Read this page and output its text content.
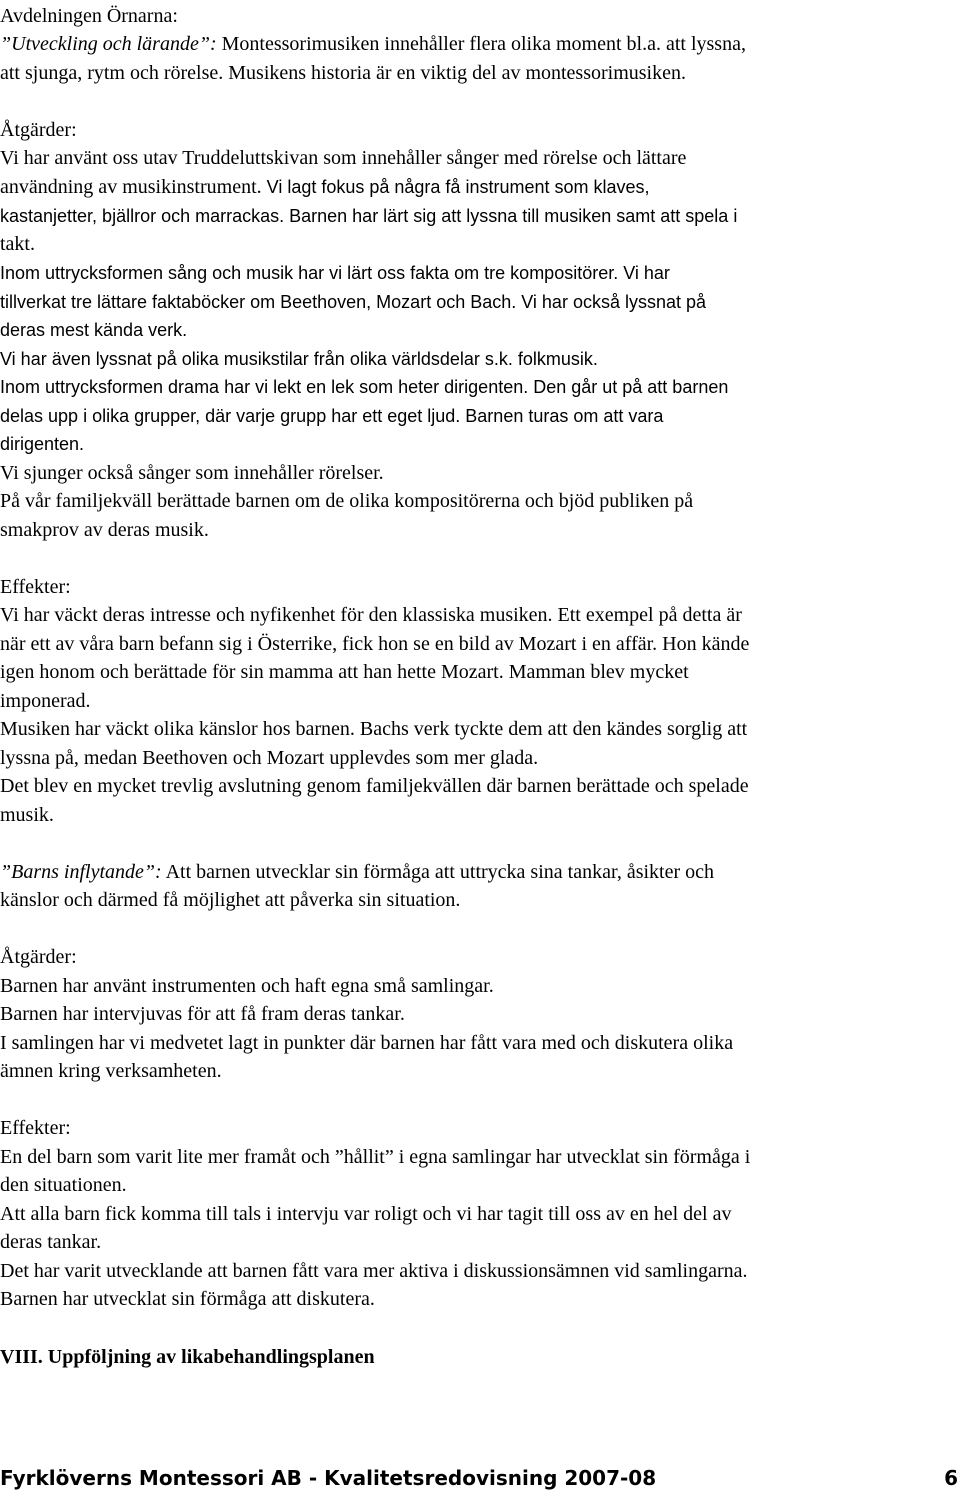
Avdelningen Örnarna:

”Utveckling och lärande”: Montessorimusiken innehåller flera olika moment bl.a. att lyssna,

att sjunga, rytm och rörelse. Musikens historia är en viktig del av montessorimusiken.

Åtgärder:

Vi har använt oss utav Truddeluttskivan som innehåller sånger med rörelse och lättare

användning av musikinstrument. Vi lagt fokus på några få instrument som klaves,

kastanjetter, bjällror och marrackas. Barnen har lärt sig att lyssna till musiken samt att spela i

takt.

Inom uttrycksformen sång och musik har vi lärt oss fakta om tre kompositörer. Vi har

tillverkat tre lättare faktaböcker om Beethoven, Mozart och Bach. Vi har också lyssnat på

deras mest kända verk.

Vi har även lyssnat på olika musikstilar från olika världsdelar s.k. folkmusik.

Inom uttrycksformen drama har vi lekt en lek som heter dirigenten. Den går ut på att barnen

delas upp i olika grupper, där varje grupp har ett eget ljud. Barnen turas om att vara

dirigenten.

Vi sjunger också sånger som innehåller rörelser.

På vår familjekväll berättade barnen om de olika kompositörerna och bjöd publiken på

smakprov av deras musik.

Effekter:

Vi har väckt deras intresse och nyfikenhet för den klassiska musiken. Ett exempel på detta är

när ett av våra barn befann sig i Österrike, fick hon se en bild av Mozart i en affär. Hon kände

igen honom och berättade för sin mamma att han hette Mozart. Mamman blev mycket

imponerad.

Musiken har väckt olika känslor hos barnen. Bachs verk tyckte dem att den kändes sorglig att

lyssna på, medan Beethoven och Mozart upplevdes som mer glada.

Det blev en mycket trevlig avslutning genom familjekvällen där barnen berättade och spelade

musik.

”Barns inflytande”: Att barnen utvecklar sin förmåga att uttrycka sina tankar, åsikter och

känslor och därmed få möjlighet att påverka sin situation.

Åtgärder:

Barnen har använt instrumenten och haft egna små samlingar.

Barnen har intervjuvas för att få fram deras tankar.

I samlingen har vi medvetet lagt in punkter där barnen har fått vara med och diskutera olika

ämnen kring verksamheten.

Effekter:

En del barn som varit lite mer framåt och ”hållit” i egna samlingar har utvecklat sin förmåga i

den situationen.

Att alla barn fick komma till tals i intervju var roligt och vi har tagit till oss av en hel del av

deras tankar.

Det har varit utvecklande att barnen fått vara mer aktiva i diskussionsämnen vid samlingarna.

Barnen har utvecklat sin förmåga att diskutera.

VIII. Uppföljning av likabehandlingsplanen

Fyrklöverns Montessori AB - Kvalitetsredovisning 2007-08	6
